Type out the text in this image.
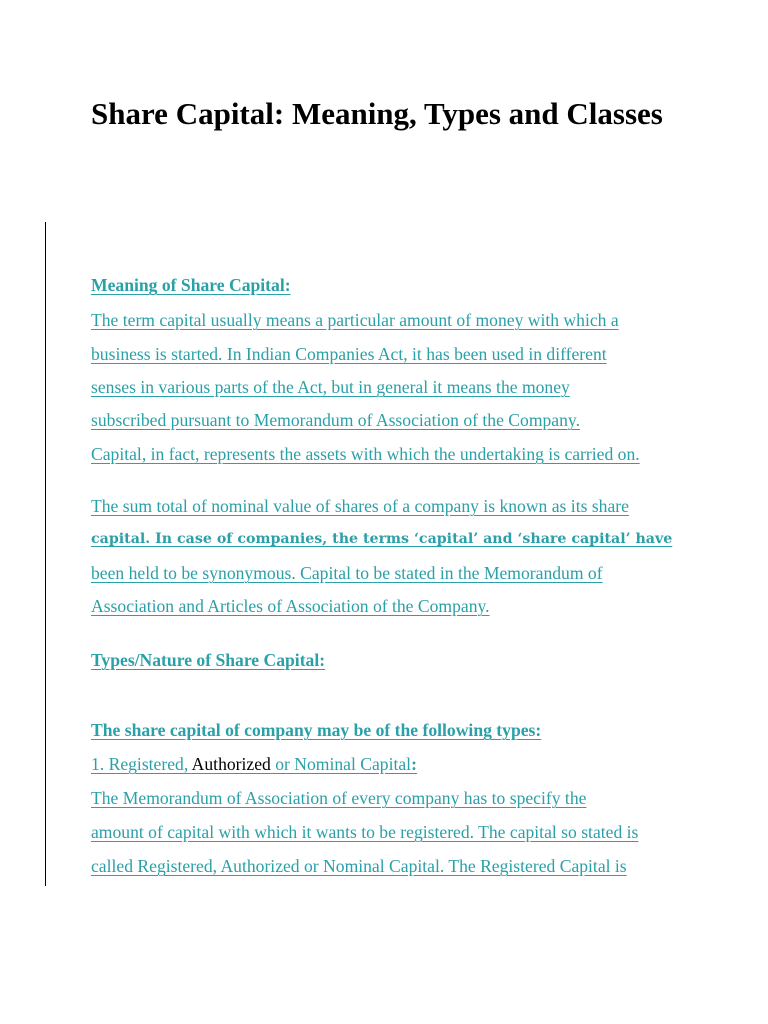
Share Capital: Meaning, Types and Classes

Meaning of Share Capital:

The term capital usually means a particular amount of money with which a

business is started. In Indian Companies Act, it has been used in different

senses in various parts of the Act, but in general it means the money

subscribed pursuant to Memorandum of Association of the Company.

Capital, in fact, represents the assets with which the undertaking is carried on.

The sum total of nominal value of shares of a company is known as its share

capital. In case of companies, the terms ‘capital’ and ‘share capital’ have

been held to be synonymous. Capital to be stated in the Memorandum of

Association and Articles of Association of the Company.

Types/Nature of Share Capital:

The share capital of company may be of the following types:

1. Registered, Authorized or Nominal Capital:

The Memorandum of Association of every company has to specify the

amount of capital with which it wants to be registered. The capital so stated is

called Registered, Authorized or Nominal Capital. The Registered Capital is
